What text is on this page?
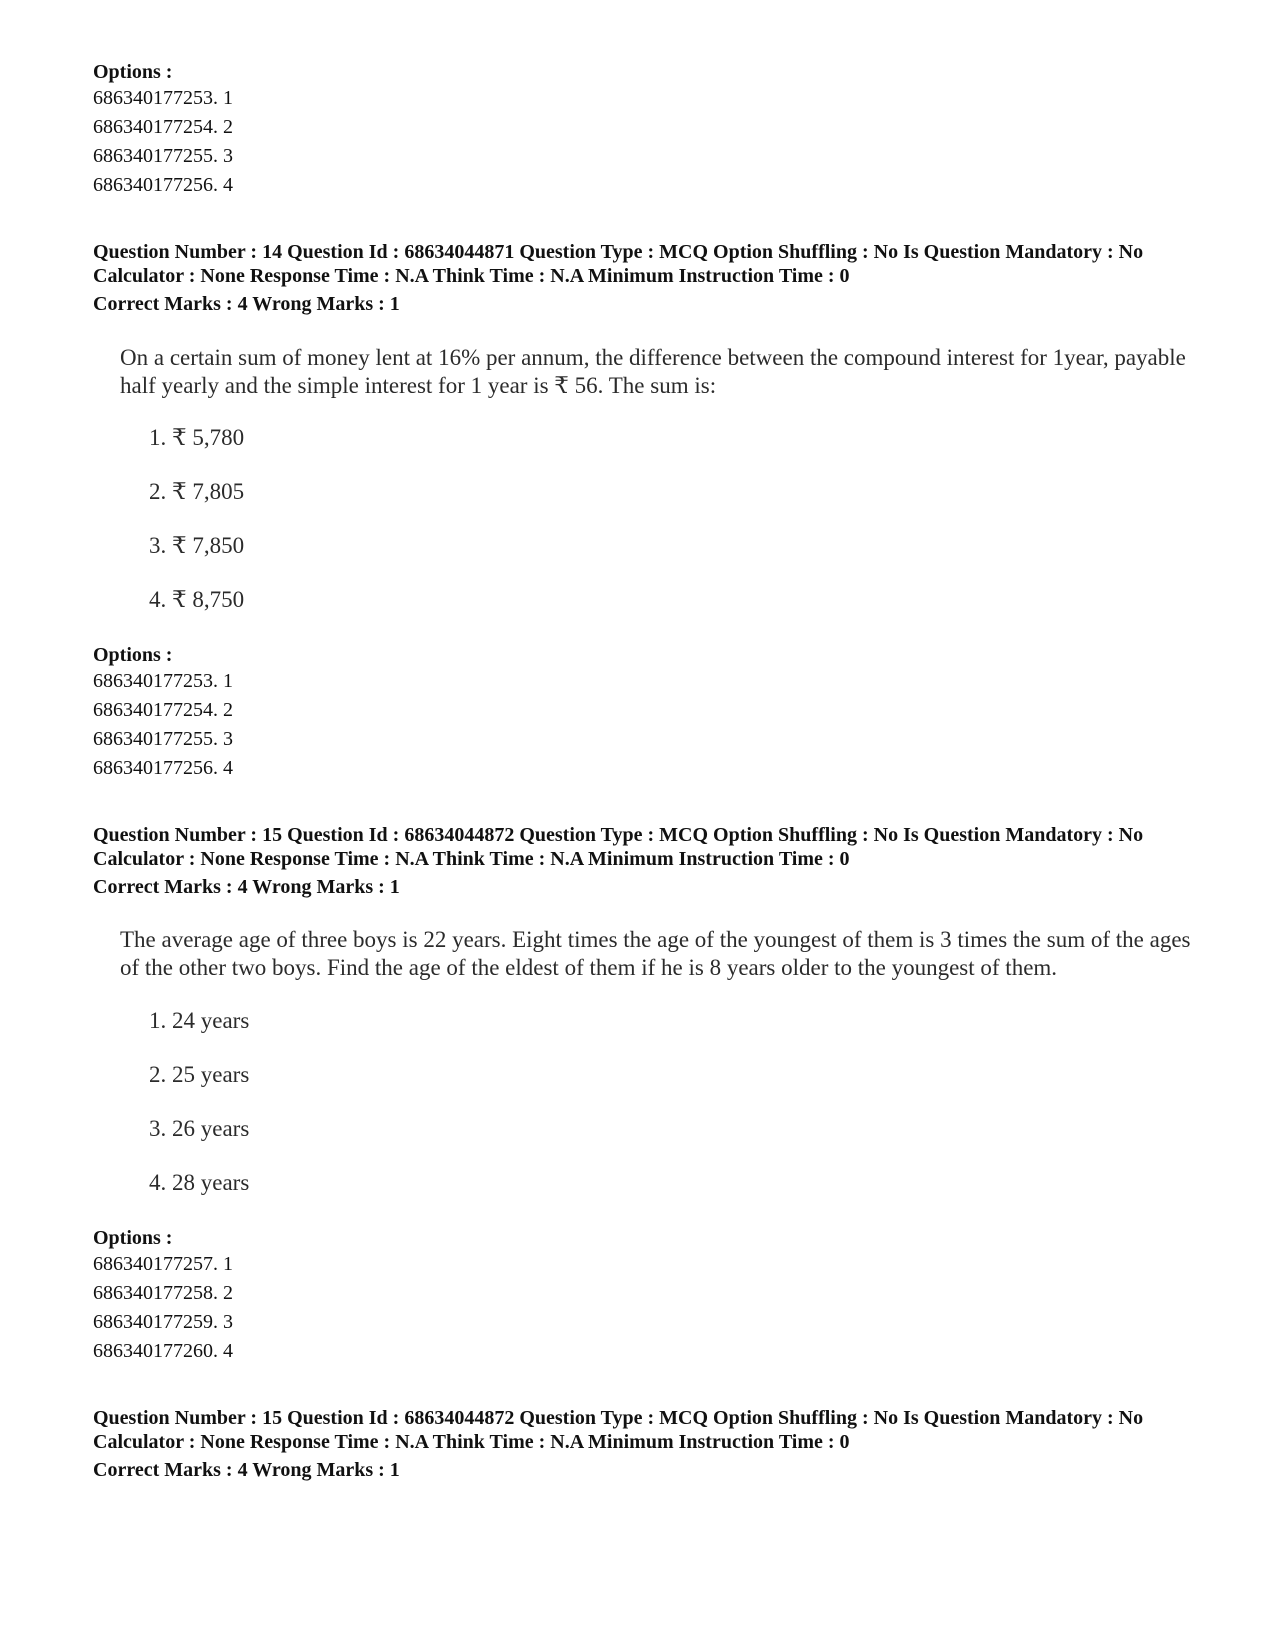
Options :
686340177253. 1
686340177254. 2
686340177255. 3
686340177256. 4
Question Number : 14 Question Id : 68634044871 Question Type : MCQ Option Shuffling : No Is Question Mandatory : No Calculator : None Response Time : N.A Think Time : N.A Minimum Instruction Time : 0
Correct Marks : 4 Wrong Marks : 1
On a certain sum of money lent at 16% per annum, the difference between the compound interest for 1year, payable half yearly and the simple interest for 1 year is ₹ 56. The sum is:
1. ₹ 5,780
2. ₹ 7,805
3. ₹ 7,850
4. ₹ 8,750
Options :
686340177253. 1
686340177254. 2
686340177255. 3
686340177256. 4
Question Number : 15 Question Id : 68634044872 Question Type : MCQ Option Shuffling : No Is Question Mandatory : No Calculator : None Response Time : N.A Think Time : N.A Minimum Instruction Time : 0
Correct Marks : 4 Wrong Marks : 1
The average age of three boys is 22 years. Eight times the age of the youngest of them is 3 times the sum of the ages of the other two boys. Find the age of the eldest of them if he is 8 years older to the youngest of them.
1. 24 years
2. 25 years
3. 26 years
4. 28 years
Options :
686340177257. 1
686340177258. 2
686340177259. 3
686340177260. 4
Question Number : 15 Question Id : 68634044872 Question Type : MCQ Option Shuffling : No Is Question Mandatory : No Calculator : None Response Time : N.A Think Time : N.A Minimum Instruction Time : 0
Correct Marks : 4 Wrong Marks : 1
